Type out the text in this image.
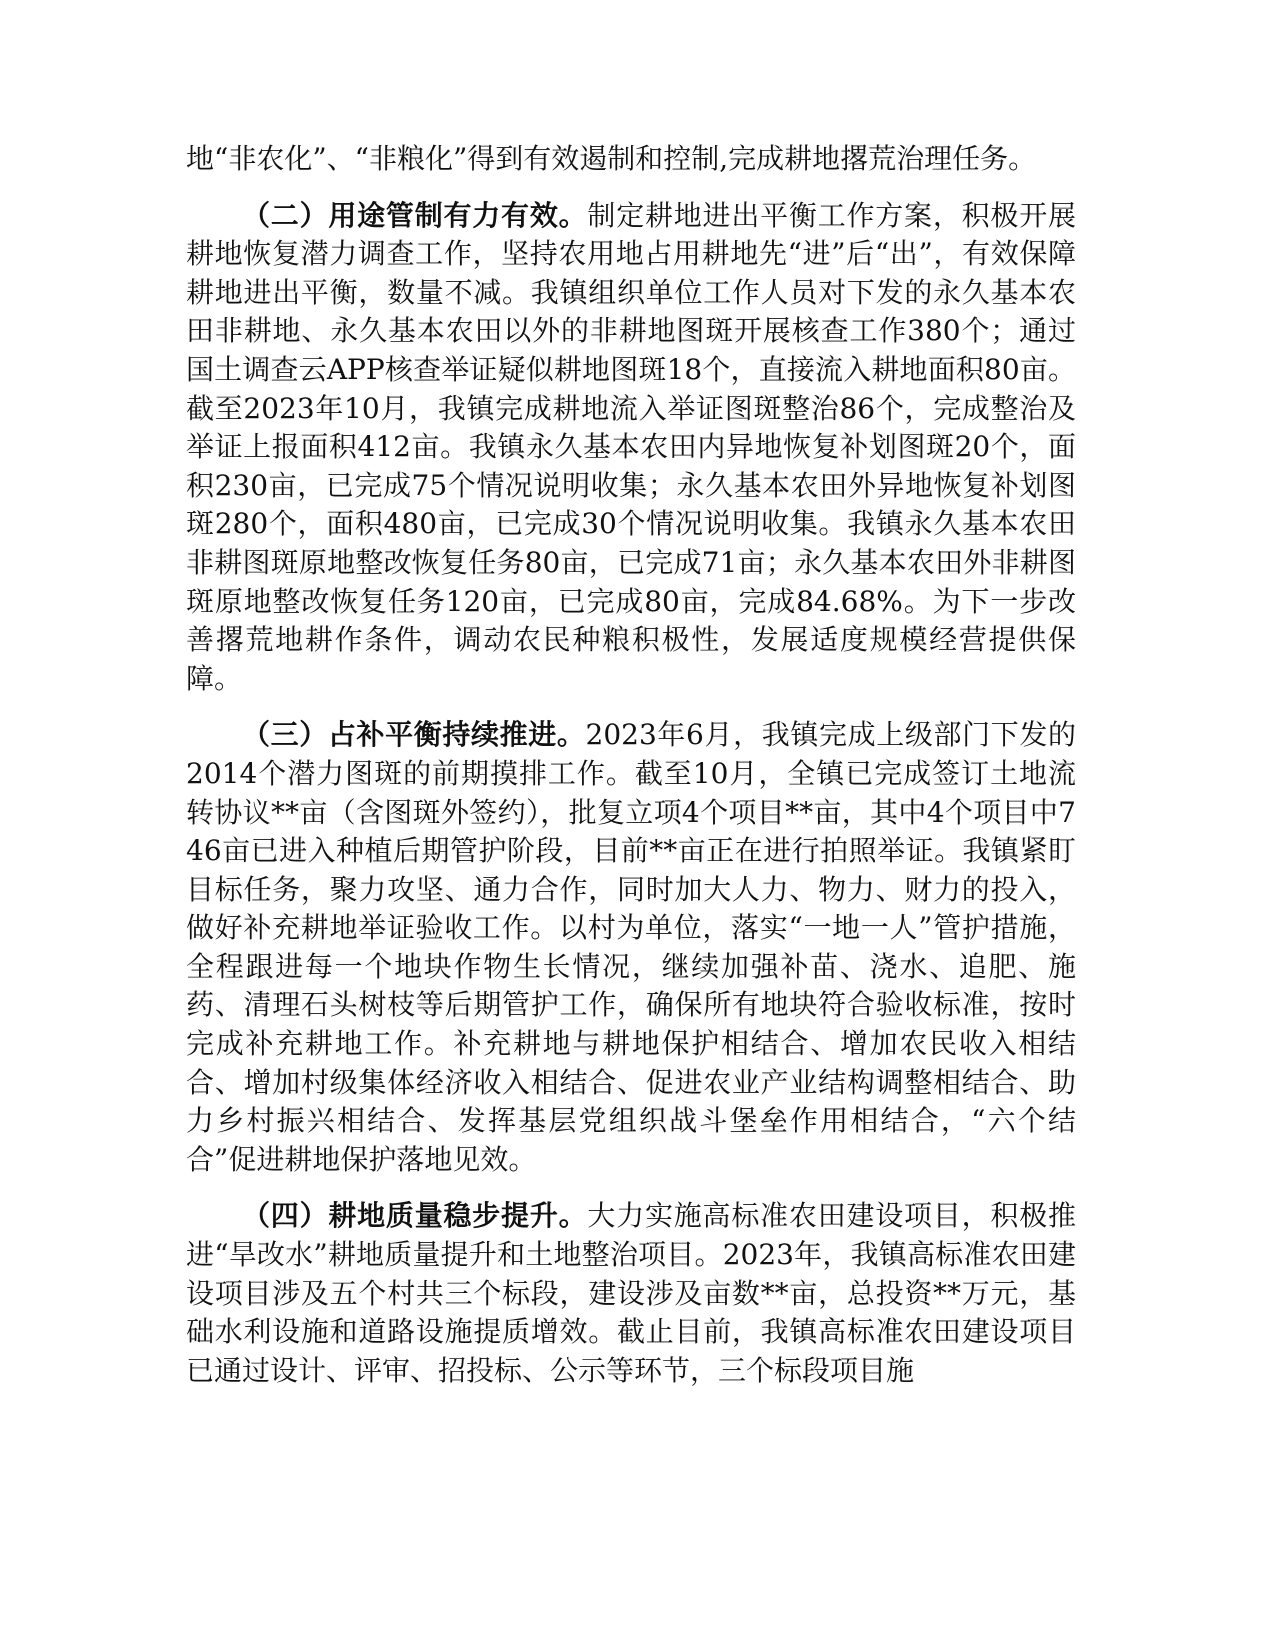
地“非农化”、“非粮化”得到有效遏制和控制,完成耕地撂荒治理任务。

（二）用途管制有力有效。制定耕地进出平衡工作方案，积极开展耕地恢复潜力调查工作，坚持农用地占用耕地先“进”后“出”，有效保障耕地进出平衡，数量不减。我镇组织单位工作人员对下发的永久基本农田非耕地、永久基本农田以外的非耕地图斑开展核查工作380个；通过国土调查云APP核查举证疑似耕地图斑18个，直接流入耕地面积80亩。截至2023年10月，我镇完成耕地流入举证图斑整治86个，完成整治及举证上报面积412亩。我镇永久基本农田内异地恢复补划图斑20个，面积230亩，已完成75个情况说明收集；永久基本农田外异地恢复补划图斑280个，面积480亩，已完成30个情况说明收集。我镇永久基本农田非耕图斑原地整改恢复任务80亩，已完成71亩；永久基本农田外非耕图斑原地整改恢复任务120亩，已完成80亩，完成84.68%。为下一步改善撂荒地耕作条件，调动农民种粮积极性，发展适度规模经营提供保障。

（三）占补平衡持续推进。2023年6月，我镇完成上级部门下发的2014个潜力图斑的前期摸排工作。截至10月，全镇已完成签订土地流转协议**亩（含图斑外签约），批复立项4个项目**亩，其中4个项目中746亩已进入种植后期管护阶段，目前**亩正在进行拍照举证。我镇紧盯目标任务，聚力攻坚、通力合作，同时加大人力、物力、财力的投入，做好补充耕地举证验收工作。以村为单位，落实“一地一人”管护措施，全程跟进每一个地块作物生长情况，继续加强补苗、浇水、追肥、施药、清理石头树枝等后期管护工作，确保所有地块符合验收标准，按时完成补充耕地工作。补充耕地与耕地保护相结合、增加农民收入相结合、增加村级集体经济收入相结合、促进农业产业结构调整相结合、助力乡村振兴相结合、发挥基层党组织战斗堡垒作用相结合，“六个结合”促进耕地保护落地见效。

（四）耕地质量稳步提升。大力实施高标准农田建设项目，积极推进“旱改水”耕地质量提升和土地整治项目。2023年，我镇高标准农田建设项目涉及五个村共三个标段，建设涉及亩数**亩，总投资**万元，基础水利设施和道路设施提质增效。截止目前，我镇高标准农田建设项目已通过设计、评审、招投标、公示等环节，三个标段项目施
